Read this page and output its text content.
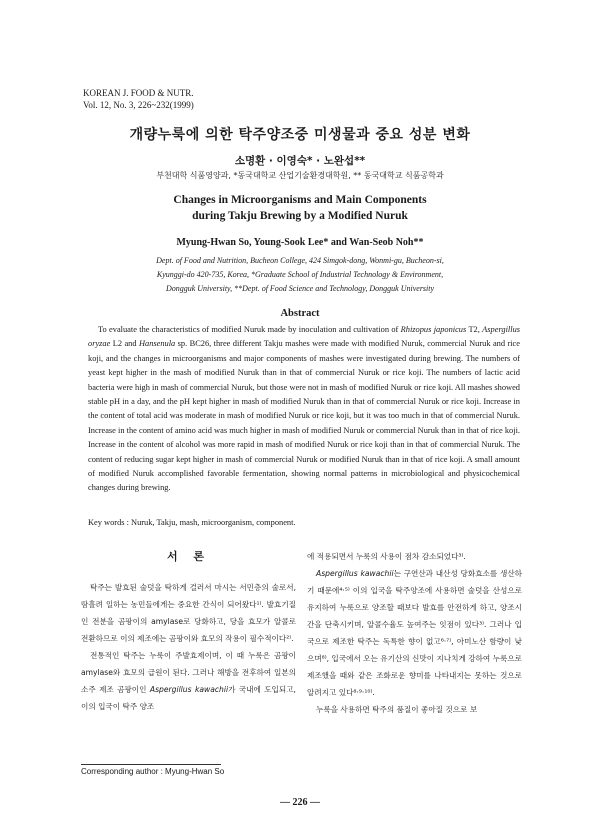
KOREAN J. FOOD & NUTR.
Vol. 12, No. 3, 226~232(1999)
개량누룩에 의한 탁주양조중 미생물과 중요 성분 변화
소명환 · 이영숙* · 노완섭**
부천대학 식품영양과, *동국대학교 산업기술환경대학원, ** 동국대학교 식품공학과
Changes in Microorganisms and Main Components
during Takju Brewing by a Modified Nuruk
Myung-Hwan So, Young-Sook Lee* and Wan-Seob Noh**
Dept. of Food and Nutrition, Bucheon College, 424 Simgok-dong, Wonmi-gu, Bucheon-si,
Kyunggi-do 420-735, Korea, *Graduate School of Industrial Technology & Environment,
Dongguk University, **Dept. of Food Science and Technology, Dongguk University
Abstract

To evaluate the characteristics of modified Nuruk made by inoculation and cultivation of Rhizopus japonicus T2, Aspergillus oryzae L2 and Hansenula sp. BC26, three different Takju mashes were made with modified Nuruk, commercial Nuruk and rice koji, and the changes in microorganisms and major components of mashes were investigated during brewing. The numbers of yeast kept higher in the mash of modified Nuruk than in that of commercial Nuruk or rice koji. The numbers of lactic acid bacteria were high in mash of commercial Nuruk, but those were not in mash of modified Nuruk or rice koji. All mashes showed stable pH in a day, and the pH kept higher in mash of modified Nuruk than in that of commercial Nuruk or rice koji. Increase in the content of total acid was moderate in mash of modified Nuruk or rice koji, but it was too much in that of commercial Nuruk. Increase in the content of amino acid was much higher in mash of modified Nuruk or commercial Nuruk than in that of rice koji. Increase in the content of alcohol was more rapid in mash of modified Nuruk or rice koji than in that of commercial Nuruk. The content of reducing sugar kept higher in mash of commercial Nuruk or modified Nuruk than in that of rice koji. A small amount of modified Nuruk accomplished favorable fermentation, showing normal patterns in microbiological and physicochemical changes during brewing.

Key words : Nuruk, Takju, mash, microorganism, component.
서 론

탁주는 발효된 술덧을 탁하게 걸러서 마시는 서민층의 술로서, 땀흘려 일하는 농민들에게는 중요한 간식이 되어왔다¹⁾. 발효기질인 전분을 곰팡이의 amylase로 당화하고, 당을 효모가 알콜로 전환하므로 이의 제조에는 곰팡이와 효모의 작용이 필수적이다²⁾.

전통적인 탁주는 누룩이 주발효제이며, 이 때 누룩은 곰팡이 amylase와 효모의 급원이 된다. 그러나 해방을 전후하여 일본의 소주 제조 곰팡이인 Aspergillus kawachii가 국내에 도입되고, 이의 입국이 탁주 양조

에 적용되면서 누룩의 사용이 점차 감소되었다³⁾.

Aspergillus kawachii는 구연산과 내산성 당화효소를 생산하기 때문에⁴·⁵⁾ 이의 입국을 탁주양조에 사용하면 술덧을 산성으로 유지하여 누룩으로 양조할 때보다 발효를 안전하게 하고, 양조시간을 단축시키며, 알콜수율도 높여주는 잇점이 있다³⁾. 그러나 입국으로 제조한 탁주는 독특한 향이 없고⁶·⁷⁾, 아미노산 함량이 낮으며⁸⁾, 입국에서 오는 유기산의 신맛이 지나치게 강하여 누룩으로 제조했을 때와 같은 조화로운 향미를 나타내지는 못하는 것으로 알려지고 있다⁸·⁹·¹⁰⁾.

누룩을 사용하면 탁주의 품질이 좋아질 것으로 보

Corresponding author : Myung-Hwan So
― 226 ―
